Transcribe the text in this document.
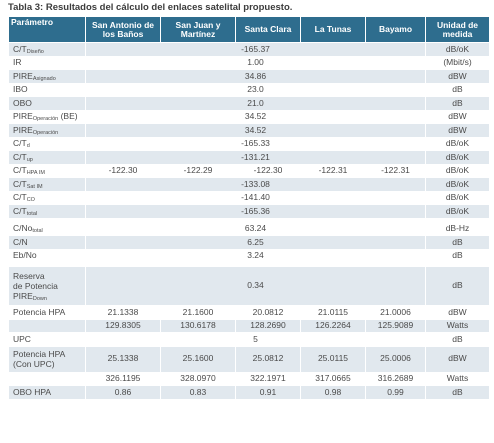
Tabla 3: Resultados del cálculo del enlaces satelital propuesto.
Parámetro	San Antonio de los Baños	San Juan y Martínez	Santa Clara	La Tunas	Bayamo	Unidad de medida
$C/T_{Diseño}$	-165.37					dB/oK
IR	1.00					(Mbit/s)
$PIRE_{Asignado}$	34.86					dBW
IBO	23.0					dB
OBO	21.0					dB
$PIRE_{Operación}$ (BE)	34.52					dBW
$PIRE_{Operación}$	34.52					dBW
$C/T_d$	-165.33					dB/oK
$C/T_{up}$	-131.21					dB/oK
$C/T_{HPA IM}$	-122.30	-122.29	-122.30	-122.31	-122.31	dB/oK
$C/T_{Sat IM}$	-133.08					dB/oK
$C/T_{CO}$	-141.40					dB/oK
$C/T_{total}$	-165.36					dB/oK

$C/No_{total}$	63.24					dB-Hz
C/N	6.25					dB
Eb/No	3.24					dB

Reserva
de Potencia
$PIRE_{Down}$	0.34					dB
Potencia HPA	21.1338	21.1600	20.0812	21.0115	21.0006	dBW
	129.8305	130.6178	128.2690	126.2264	125.9089	Watts
UPC	5					dB
Potencia HPA
(Con UPC)	25.1338	25.1600	25.0812	25.0115	25.0006	dBW
	326.1195	328.0970	322.1971	317.0665	316.2689	Watts
OBO HPA	0.86	0.83	0.91	0.98	0.99	dB
